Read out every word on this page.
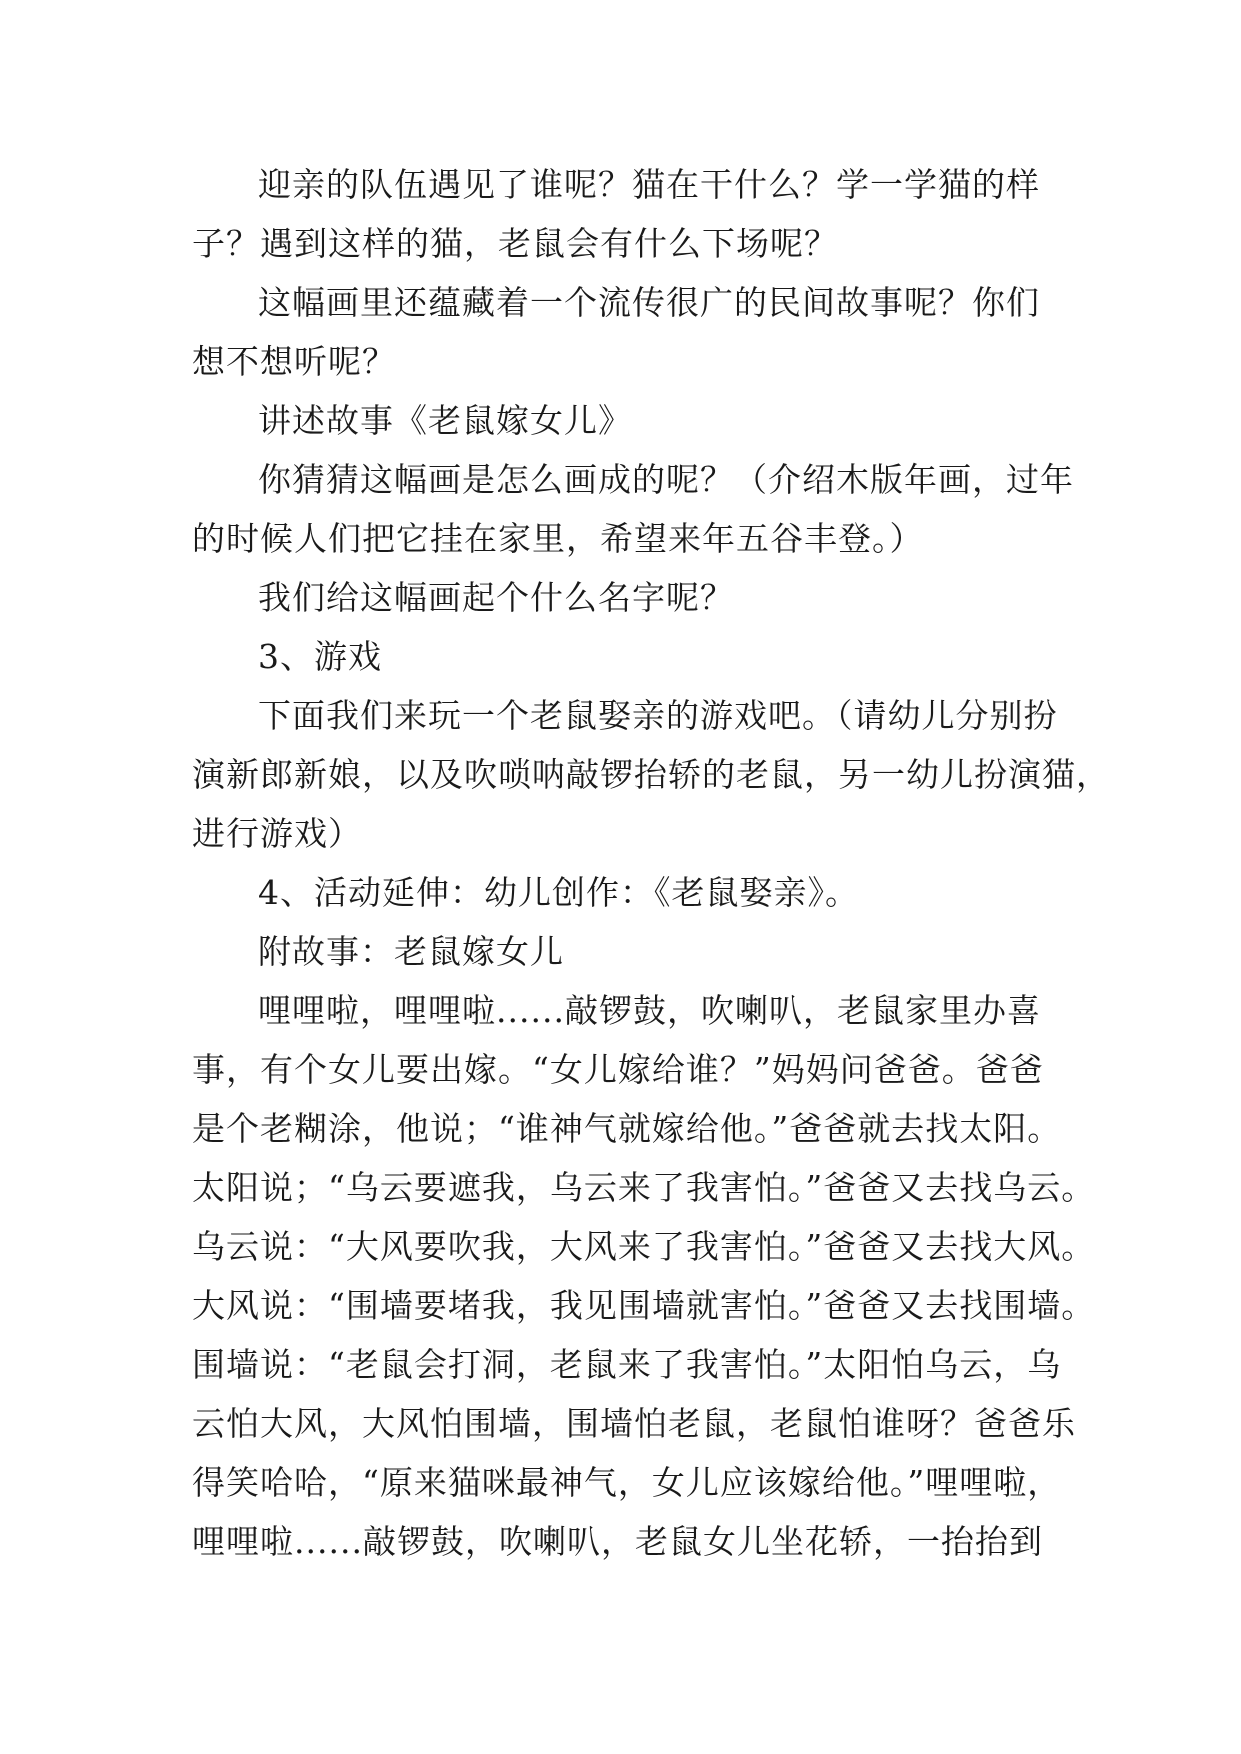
迎亲的队伍遇见了谁呢？猫在干什么？学一学猫的样
子？遇到这样的猫，老鼠会有什么下场呢？
这幅画里还蕴藏着一个流传很广的民间故事呢？你们
想不想听呢？
讲述故事《老鼠嫁女儿》
你猜猜这幅画是怎么画成的呢？（介绍木版年画，过年
的时候人们把它挂在家里，希望来年五谷丰登。）
我们给这幅画起个什么名字呢？
3、游戏
下面我们来玩一个老鼠娶亲的游戏吧。（请幼儿分别扮
演新郎新娘，以及吹唢呐敲锣抬轿的老鼠，另一幼儿扮演猫，
进行游戏）
4、活动延伸：幼儿创作：《老鼠娶亲》。
附故事：老鼠嫁女儿
哩哩啦，哩哩啦......敲锣鼓，吹喇叭，老鼠家里办喜
事，有个女儿要出嫁。“女儿嫁给谁？”妈妈问爸爸。爸爸
是个老糊涂，他说；“谁神气就嫁给他。”爸爸就去找太阳。
太阳说；“乌云要遮我，乌云来了我害怕。”爸爸又去找乌云。
乌云说：“大风要吹我，大风来了我害怕。”爸爸又去找大风。
大风说：“围墙要堵我，我见围墙就害怕。”爸爸又去找围墙。
围墙说：“老鼠会打洞，老鼠来了我害怕。”太阳怕乌云，乌
云怕大风，大风怕围墙，围墙怕老鼠，老鼠怕谁呀？爸爸乐
得笑哈哈，“原来猫咪最神气，女儿应该嫁给他。”哩哩啦，
哩哩啦......敲锣鼓，吹喇叭，老鼠女儿坐花轿，一抬抬到
